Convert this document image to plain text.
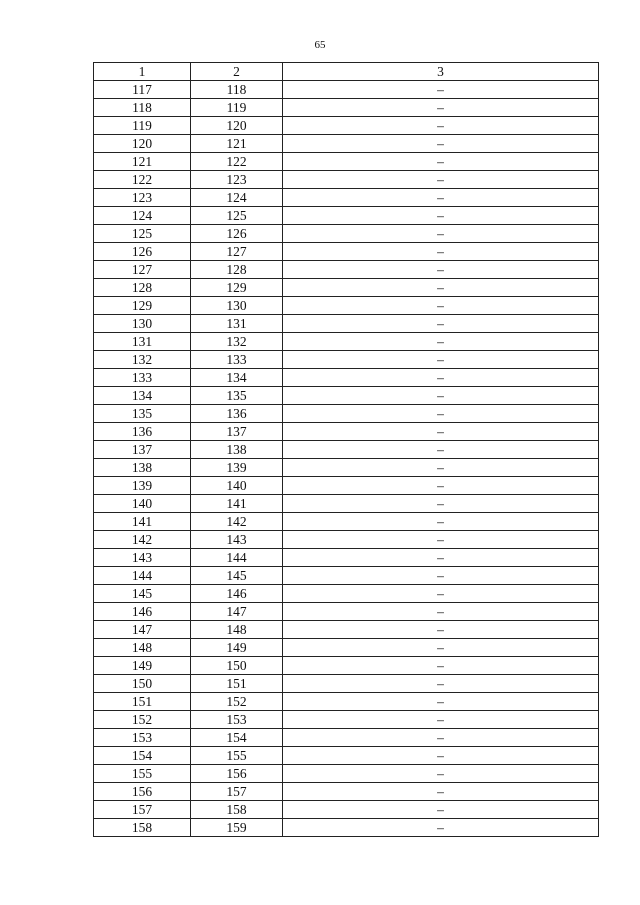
65
1	2	3
117	118	–
118	119	–
119	120	–
120	121	–
121	122	–
122	123	–
123	124	–
124	125	–
125	126	–
126	127	–
127	128	–
128	129	–
129	130	–
130	131	–
131	132	–
132	133	–
133	134	–
134	135	–
135	136	–
136	137	–
137	138	–
138	139	–
139	140	–
140	141	–
141	142	–
142	143	–
143	144	–
144	145	–
145	146	–
146	147	–
147	148	–
148	149	–
149	150	–
150	151	–
151	152	–
152	153	–
153	154	–
154	155	–
155	156	–
156	157	–
157	158	–
158	159	–
